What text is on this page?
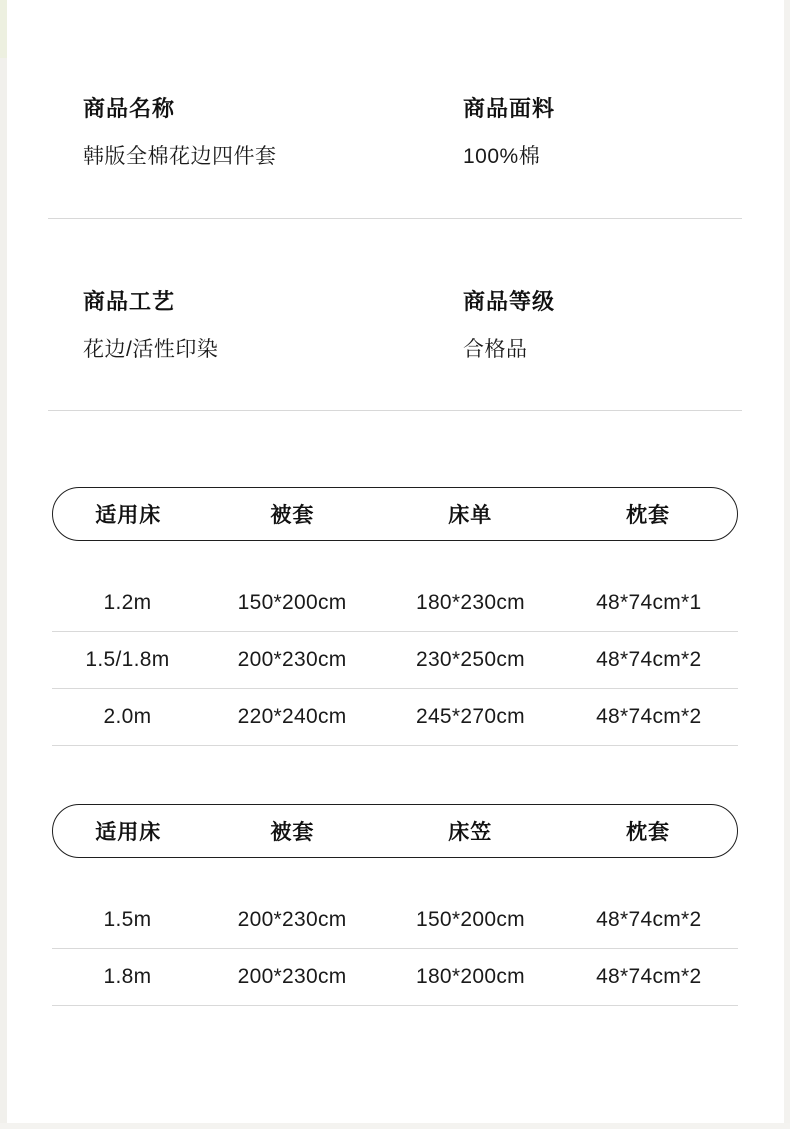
商品名称	商品面料
韩版全棉花边四件套	100%棉
商品工艺	商品等级
花边/活性印染	合格品
适用床	被套	床单	枕套
1.2m	150*200cm	180*230cm	48*74cm*1
1.5/1.8m	200*230cm	230*250cm	48*74cm*2
2.0m	220*240cm	245*270cm	48*74cm*2
适用床	被套	床笠	枕套
1.5m	200*230cm	150*200cm	48*74cm*2
1.8m	200*230cm	180*200cm	48*74cm*2
